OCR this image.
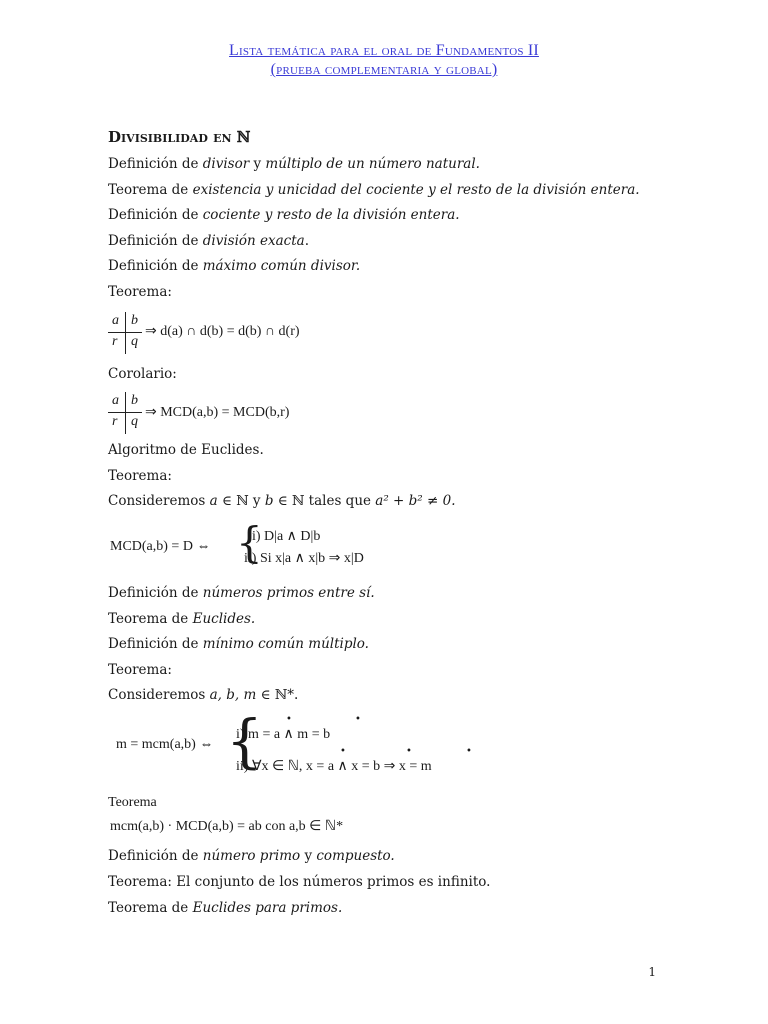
Lista temática para el oral de Fundamentos II
(prueba complementaria y global)
Divisibilidad en ℕ
Definición de divisor y múltiplo de un número natural.
Teorema de existencia y unicidad del cociente y el resto de la división entera.
Definición de cociente y resto de la división entera.
Definición de división exacta.
Definición de máximo común divisor.
Teorema:
a b
r q
⇒ d(a) ∩ d(b) = d(b) ∩ d(r)
Corolario:
a b
r q
⇒ MCD(a,b) = MCD(b,r)
Algoritmo de Euclides.
Teorema:
Consideremos a ∈ ℕ y b ∈ ℕ tales que a² + b² ≠ 0.
MCD(a,b) = D ⇔ {
i) D|a ∧ D|b
ii) Si x|a ∧ x|b ⇒ x|D
Definición de números primos entre sí.
Teorema de Euclides.
Definición de mínimo común múltiplo.
Teorema:
Consideremos a, b, m ∈ ℕ*.
m = mcm(a,b) ⇔ {
i) m = a ∧ m = b
ii) ∀x ∈ ℕ, x = a ∧ x = b ⇒ x = m
•	•
•	•	•
Teorema
mcm(a,b) · MCD(a,b) = ab con a,b ∈ ℕ*
Definición de número primo y compuesto.
Teorema: El conjunto de los números primos es infinito.
Teorema de Euclides para primos.
1
